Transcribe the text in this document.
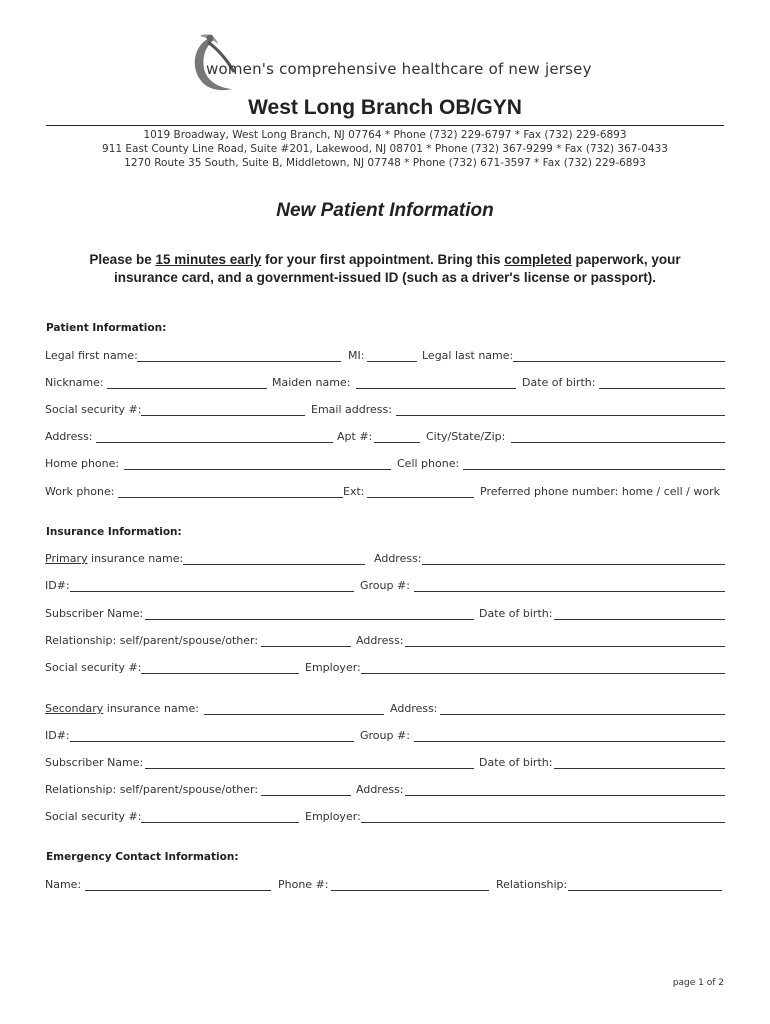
women's comprehensive healthcare of new jersey
West Long Branch OB/GYN
1019 Broadway, West Long Branch, NJ 07764 * Phone (732) 229-6797 * Fax (732) 229-6893
911 East County Line Road, Suite #201, Lakewood, NJ 08701 * Phone (732) 367-9299 * Fax (732) 367-0433
1270 Route 35 South, Suite B, Middletown, NJ 07748 * Phone (732) 671-3597 * Fax (732) 229-6893
New Patient Information
Please be 15 minutes early for your first appointment. Bring this completed paperwork, your insurance card, and a government-issued ID (such as a driver's license or passport).
Patient Information:
Legal first name:	MI:	Legal last name:
Nickname:	Maiden name:	Date of birth:
Social security #:	Email address:
Address:	Apt #:	City/State/Zip:
Home phone:	Cell phone:
Work phone:	Ext:	Preferred phone number: home / cell / work
Insurance Information:
Primary insurance name:	Address:
ID#:	Group #:
Subscriber Name:	Date of birth:
Relationship: self/parent/spouse/other:	Address:
Social security #:	Employer:
Secondary insurance name:	Address:
ID#:	Group #:
Subscriber Name:	Date of birth:
Relationship: self/parent/spouse/other:	Address:
Social security #:	Employer:
Emergency Contact Information:
Name:	Phone #:	Relationship:
page 1 of 2
